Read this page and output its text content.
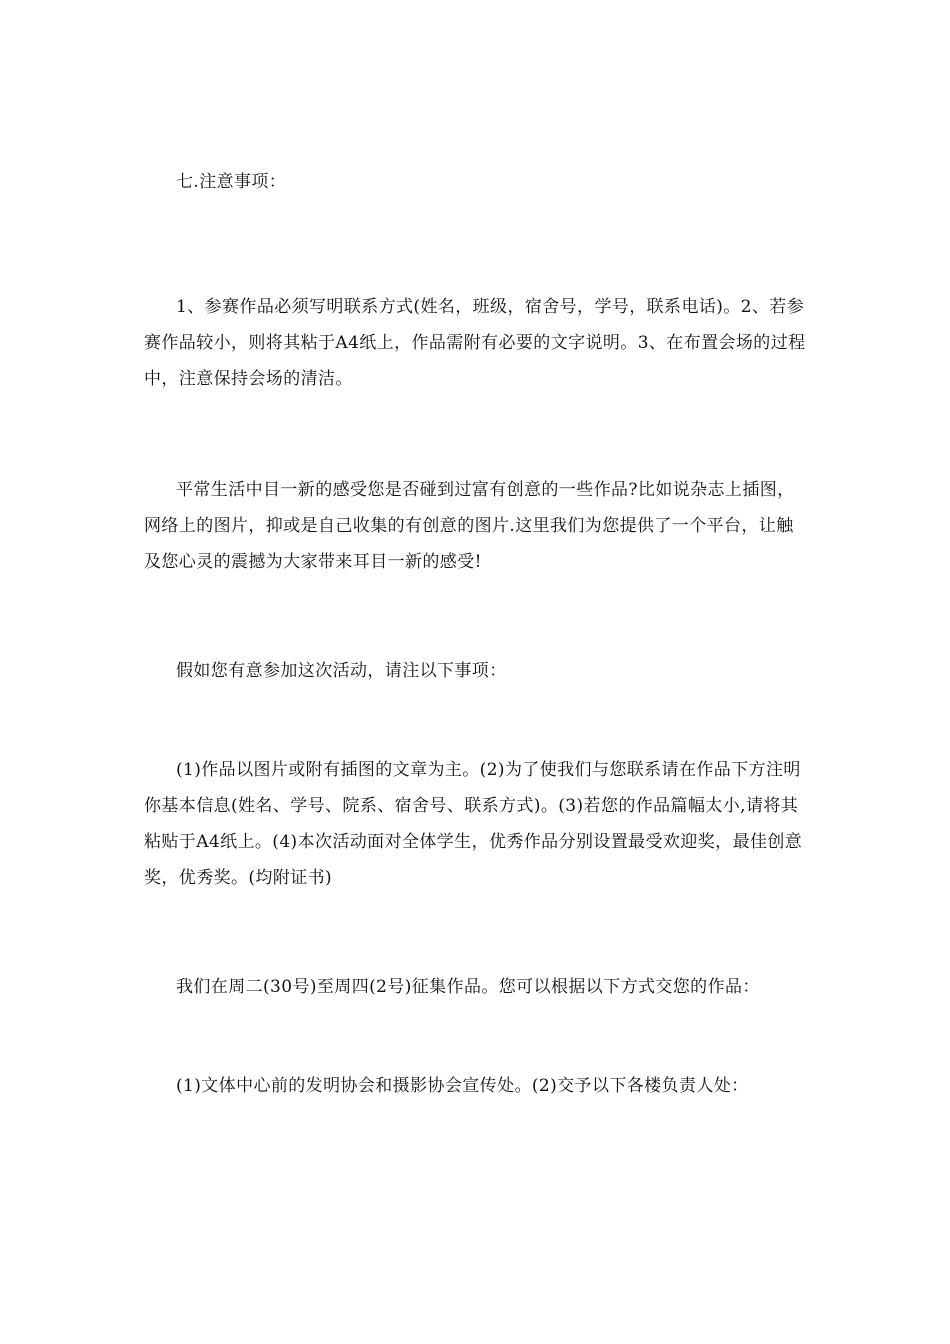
七.注意事项：

1、参赛作品必须写明联系方式(姓名，班级，宿舍号，学号，联系电话)。2、若参赛作品较小，则将其粘于A4纸上，作品需附有必要的文字说明。3、在布置会场的过程中，注意保持会场的清洁。

平常生活中目一新的感受您是否碰到过富有创意的一些作品?比如说杂志上插图，网络上的图片，抑或是自己收集的有创意的图片.这里我们为您提供了一个平台，让触及您心灵的震撼为大家带来耳目一新的感受!

假如您有意参加这次活动，请注以下事项：

(1)作品以图片或附有插图的文章为主。(2)为了使我们与您联系请在作品下方注明你基本信息(姓名、学号、院系、宿舍号、联系方式)。(3)若您的作品篇幅太小,请将其粘贴于A4纸上。(4)本次活动面对全体学生，优秀作品分别设置最受欢迎奖，最佳创意奖，优秀奖。(均附证书)

我们在周二(30号)至周四(2号)征集作品。您可以根据以下方式交您的作品：

(1)文体中心前的发明协会和摄影协会宣传处。(2)交予以下各楼负责人处：
